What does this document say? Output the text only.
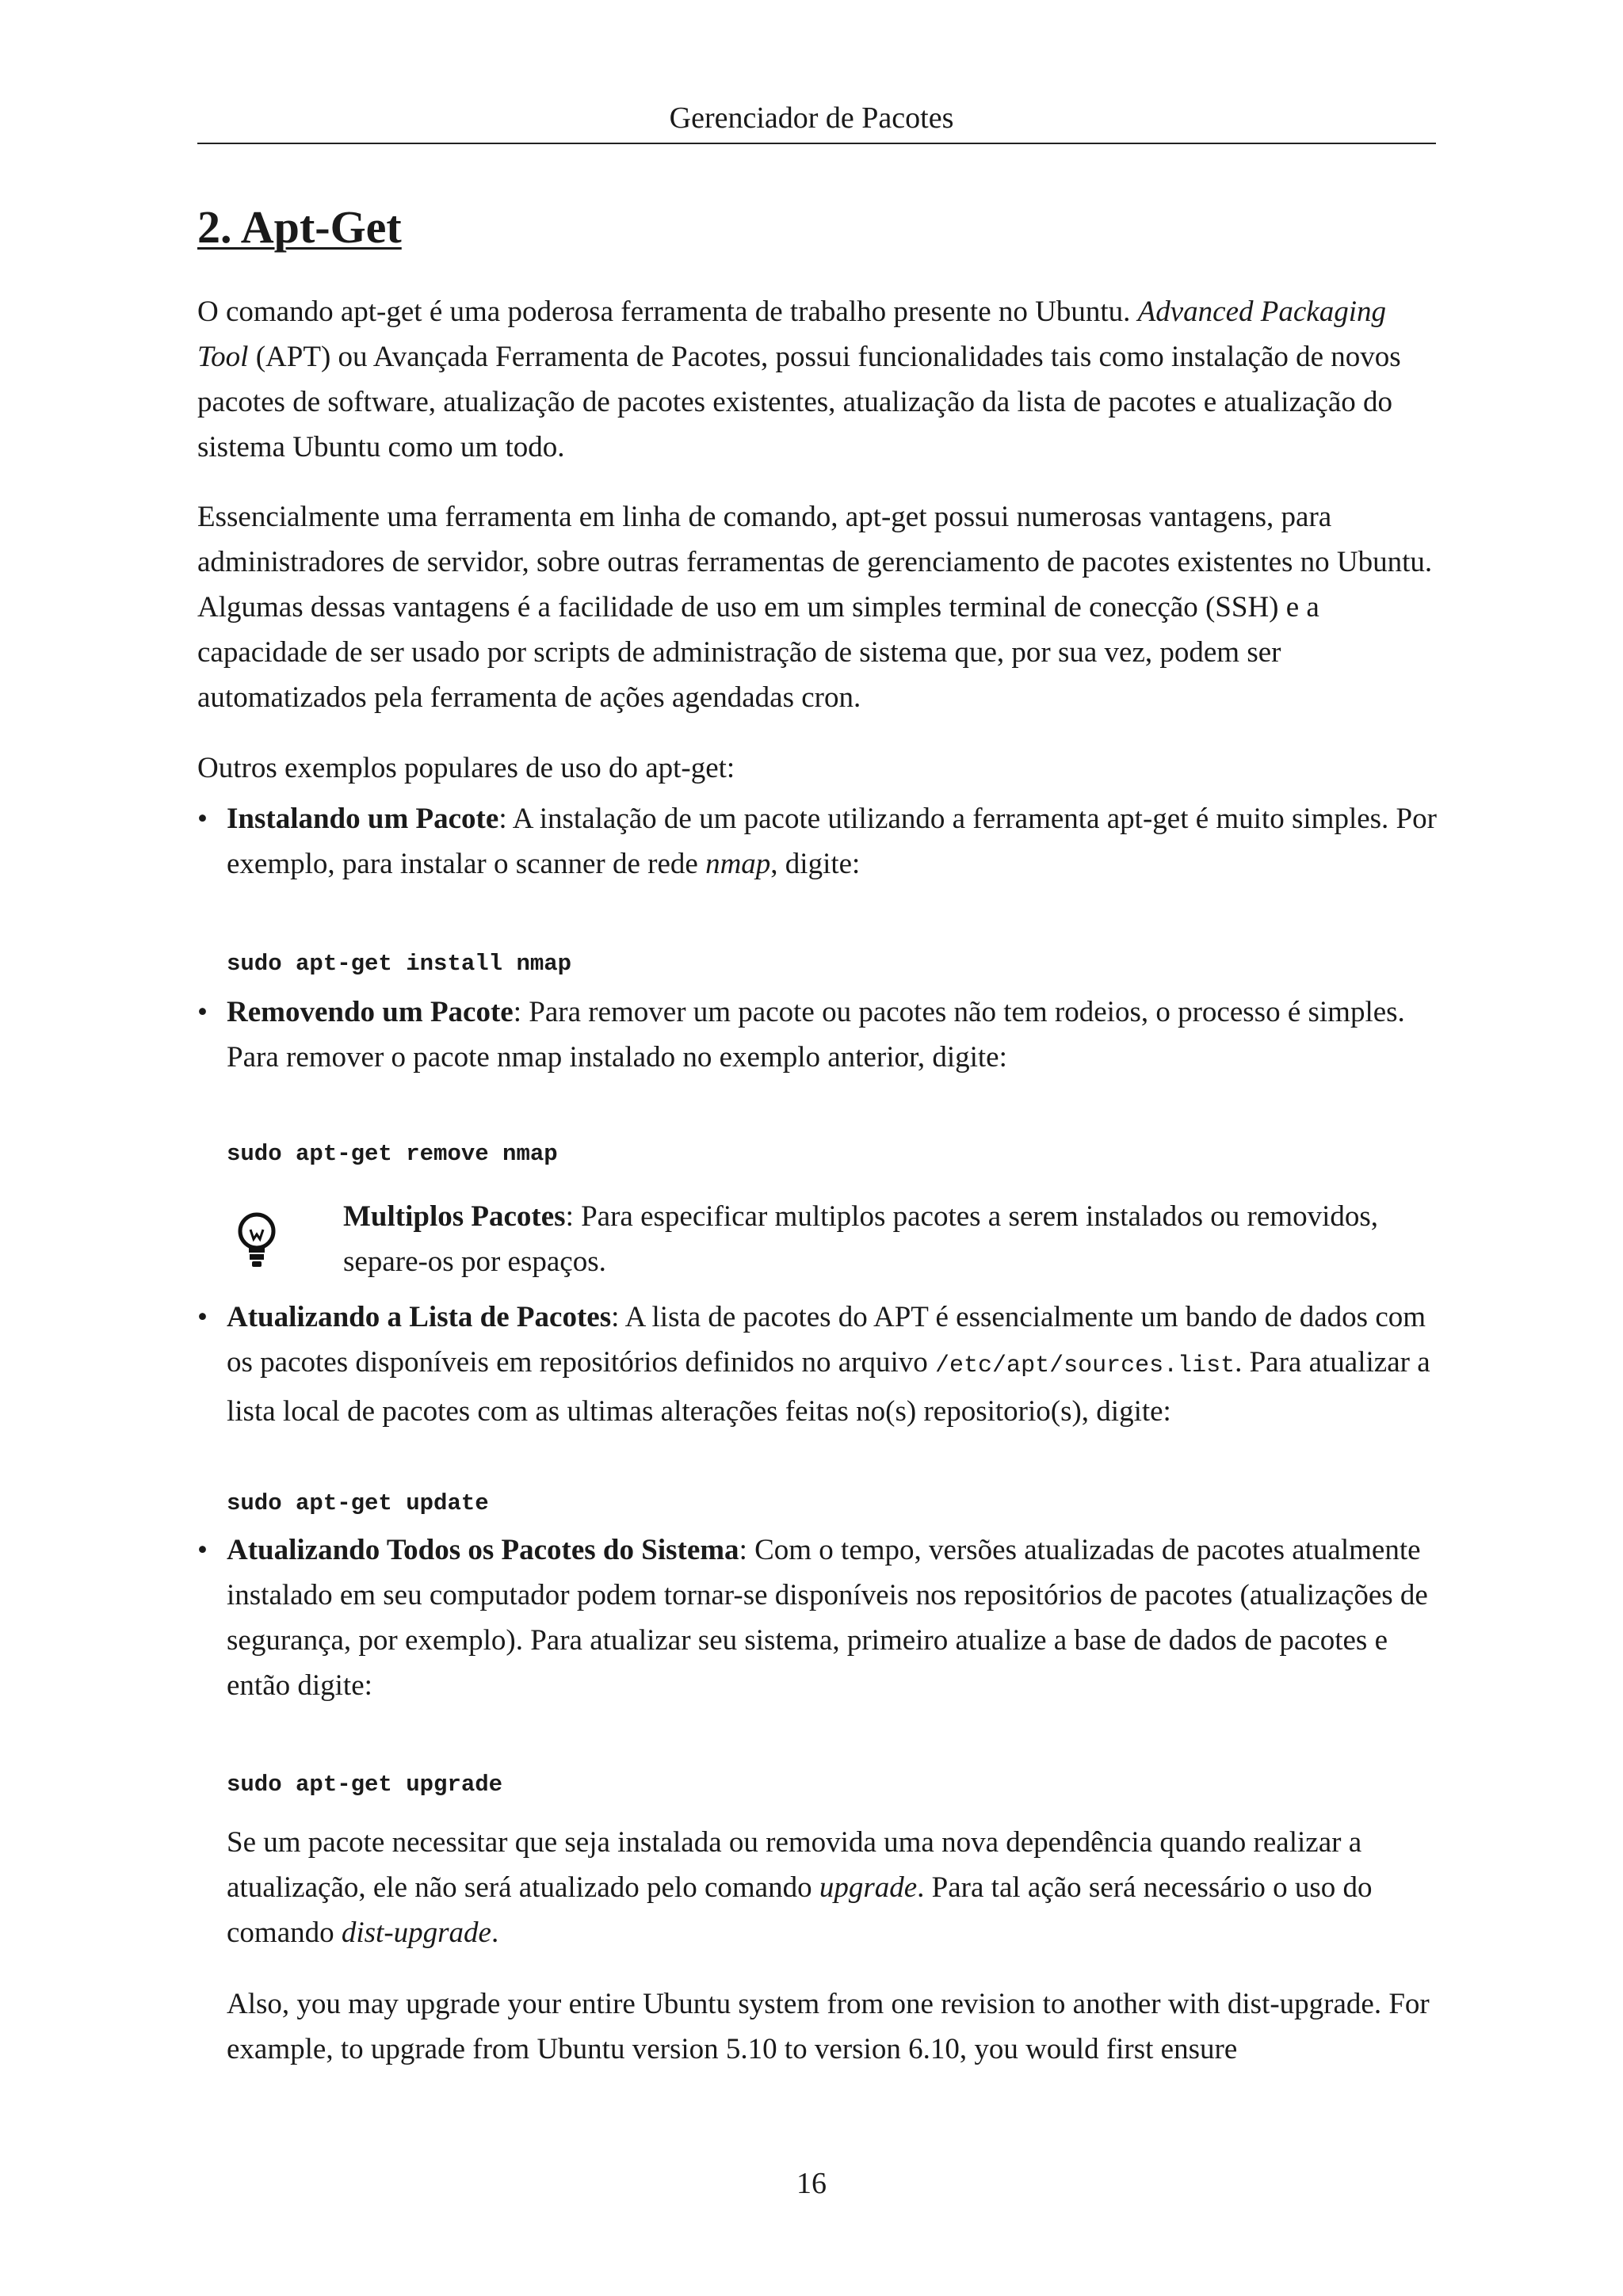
Gerenciador de Pacotes
2. Apt-Get

O comando apt-get é uma poderosa ferramenta de trabalho presente no Ubuntu. Advanced Packaging Tool (APT) ou Avançada Ferramenta de Pacotes, possui funcionalidades tais como instalação de novos pacotes de software, atualização de pacotes existentes, atualização da lista de pacotes e atualização do sistema Ubuntu como um todo.

Essencialmente uma ferramenta em linha de comando, apt-get possui numerosas vantagens, para administradores de servidor, sobre outras ferramentas de gerenciamento de pacotes existentes no Ubuntu. Algumas dessas vantagens é a facilidade de uso em um simples terminal de conecção (SSH) e a capacidade de ser usado por scripts de administração de sistema que, por sua vez, podem ser automatizados pela ferramenta de ações agendadas cron.

Outros exemplos populares de uso do apt-get:

• Instalando um Pacote: A instalação de um pacote utilizando a ferramenta apt-get é muito simples. Por exemplo, para instalar o scanner de rede nmap, digite:
sudo apt-get install nmap
• Removendo um Pacote: Para remover um pacote ou pacotes não tem rodeios, o processo é simples. Para remover o pacote nmap instalado no exemplo anterior, digite:
sudo apt-get remove nmap

Multiplos Pacotes: Para especificar multiplos pacotes a serem instalados ou removidos, separe-os por espaços.

• Atualizando a Lista de Pacotes: A lista de pacotes do APT é essencialmente um bando de dados com os pacotes disponíveis em repositórios definidos no arquivo /etc/apt/sources.list. Para atualizar a lista local de pacotes com as ultimas alterações feitas no(s) repositorio(s), digite:
sudo apt-get update
• Atualizando Todos os Pacotes do Sistema: Com o tempo, versões atualizadas de pacotes atualmente instalado em seu computador podem tornar-se disponíveis nos repositórios de pacotes (atualizações de segurança, por exemplo). Para atualizar seu sistema, primeiro atualize a base de dados de pacotes e então digite:
sudo apt-get upgrade

Se um pacote necessitar que seja instalada ou removida uma nova dependência quando realizar a atualização, ele não será atualizado pelo comando upgrade. Para tal ação será necessário o uso do comando dist-upgrade.

Also, you may upgrade your entire Ubuntu system from one revision to another with dist-upgrade. For example, to upgrade from Ubuntu version 5.10 to version 6.10, you would first ensure

16
